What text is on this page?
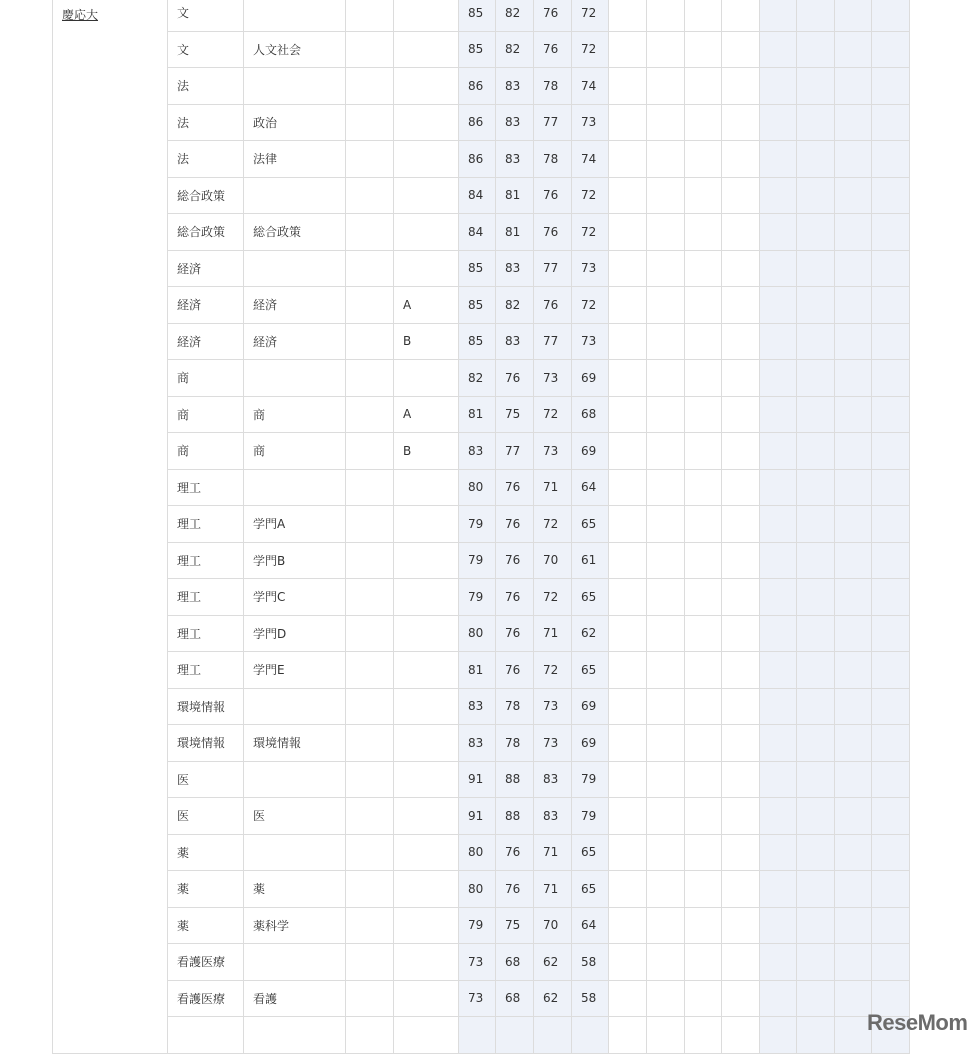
慶応大	文				85	82	76	72								
	文	人文社会			85	82	76	72								
	法				86	83	78	74								
	法	政治			86	83	77	73								
	法	法律			86	83	78	74								
	総合政策				84	81	76	72								
	総合政策	総合政策			84	81	76	72								
	経済				85	83	77	73								
	経済	経済		A	85	82	76	72								
	経済	経済		B	85	83	77	73								
	商				82	76	73	69								
	商	商		A	81	75	72	68								
	商	商		B	83	77	73	69								
	理工				80	76	71	64								
	理工	学門A			79	76	72	65								
	理工	学門B			79	76	70	61								
	理工	学門C			79	76	72	65								
	理工	学門D			80	76	71	62								
	理工	学門E			81	76	72	65								
	環境情報				83	78	73	69								
	環境情報	環境情報			83	78	73	69								
	医				91	88	83	79								
	医	医			91	88	83	79								
	薬				80	76	71	65								
	薬	薬			80	76	71	65								
	薬	薬科学			79	75	70	64								
	看護医療				73	68	62	58								
	看護医療	看護			73	68	62	58								

ReseMom
